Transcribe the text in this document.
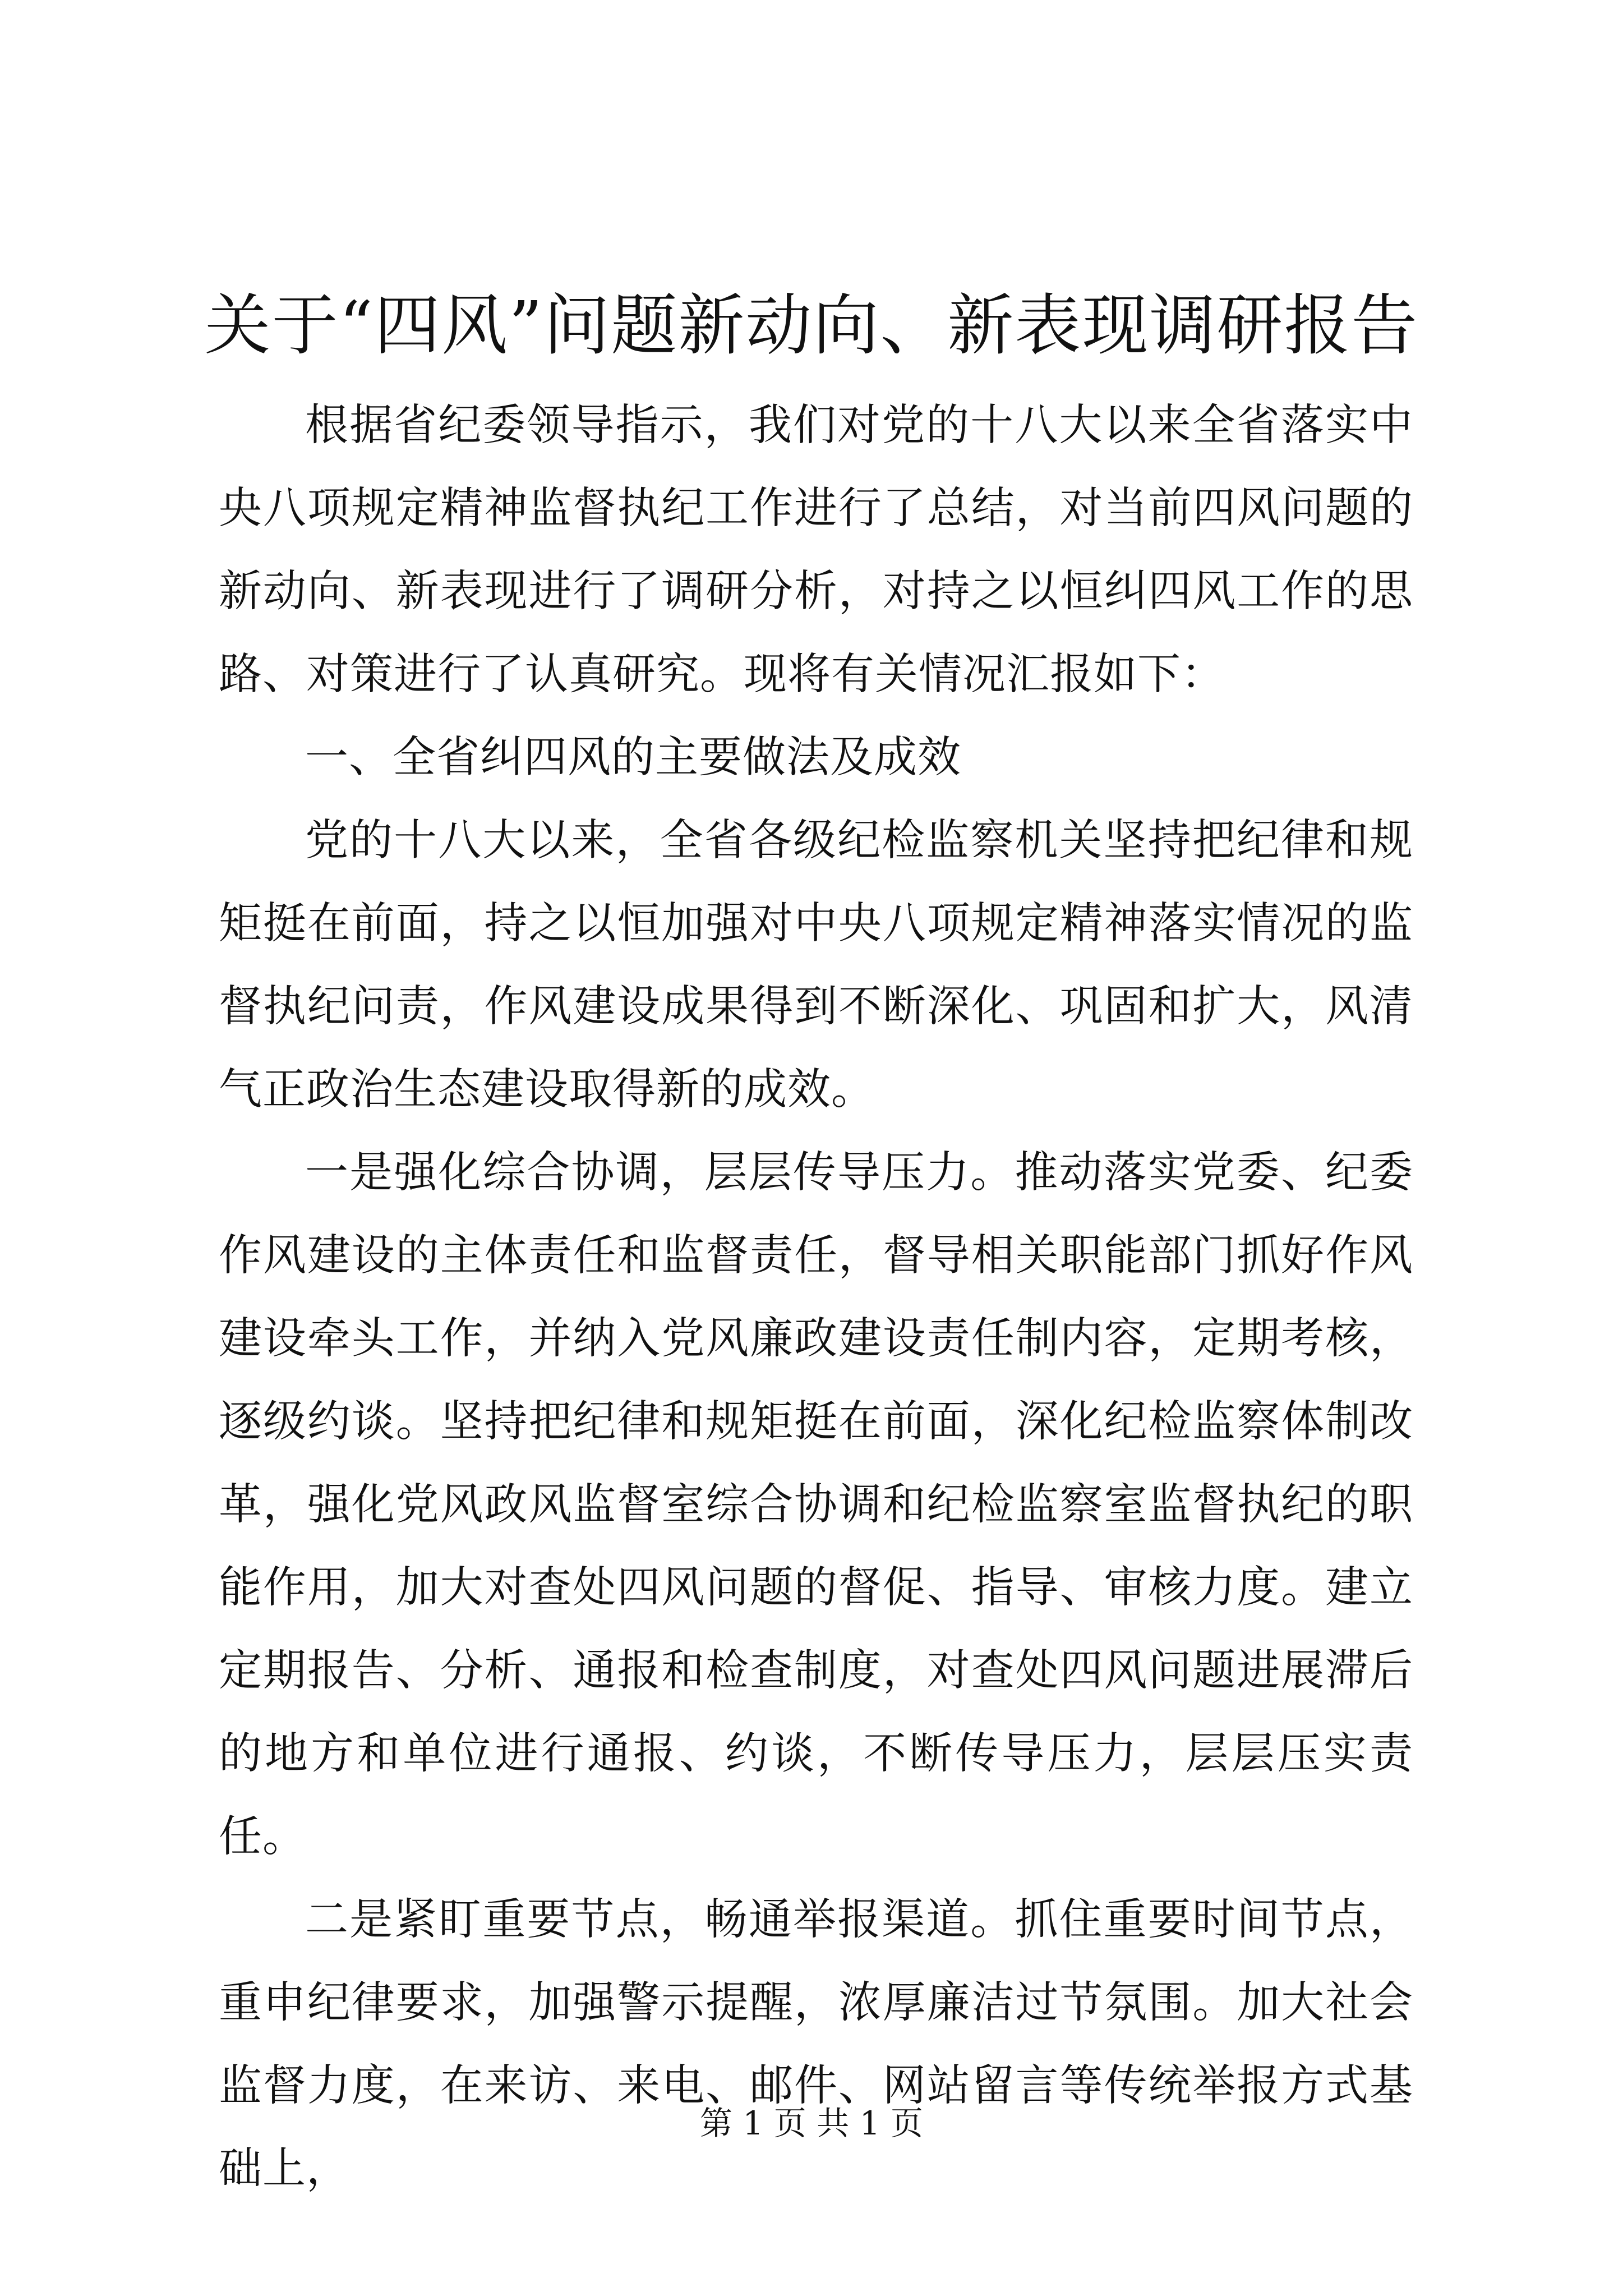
关于“四风”问题新动向、新表现调研报告

根据省纪委领导指示，我们对党的十八大以来全省落实中央八项规定精神监督执纪工作进行了总结，对当前四风问题的新动向、新表现进行了调研分析，对持之以恒纠四风工作的思路、对策进行了认真研究。现将有关情况汇报如下：

一、全省纠四风的主要做法及成效

党的十八大以来，全省各级纪检监察机关坚持把纪律和规矩挺在前面，持之以恒加强对中央八项规定精神落实情况的监督执纪问责，作风建设成果得到不断深化、巩固和扩大，风清气正政治生态建设取得新的成效。

一是强化综合协调，层层传导压力。推动落实党委、纪委作风建设的主体责任和监督责任，督导相关职能部门抓好作风建设牵头工作，并纳入党风廉政建设责任制内容，定期考核，逐级约谈。坚持把纪律和规矩挺在前面，深化纪检监察体制改革，强化党风政风监督室综合协调和纪检监察室监督执纪的职能作用，加大对查处四风问题的督促、指导、审核力度。建立定期报告、分析、通报和检查制度，对查处四风问题进展滞后的地方和单位进行通报、约谈，不断传导压力，层层压实责任。

二是紧盯重要节点，畅通举报渠道。抓住重要时间节点，重申纪律要求，加强警示提醒，浓厚廉洁过节氛围。加大社会监督力度，在来访、来电、邮件、网站留言等传统举报方式基础上，

第 1 页 共 1 页
